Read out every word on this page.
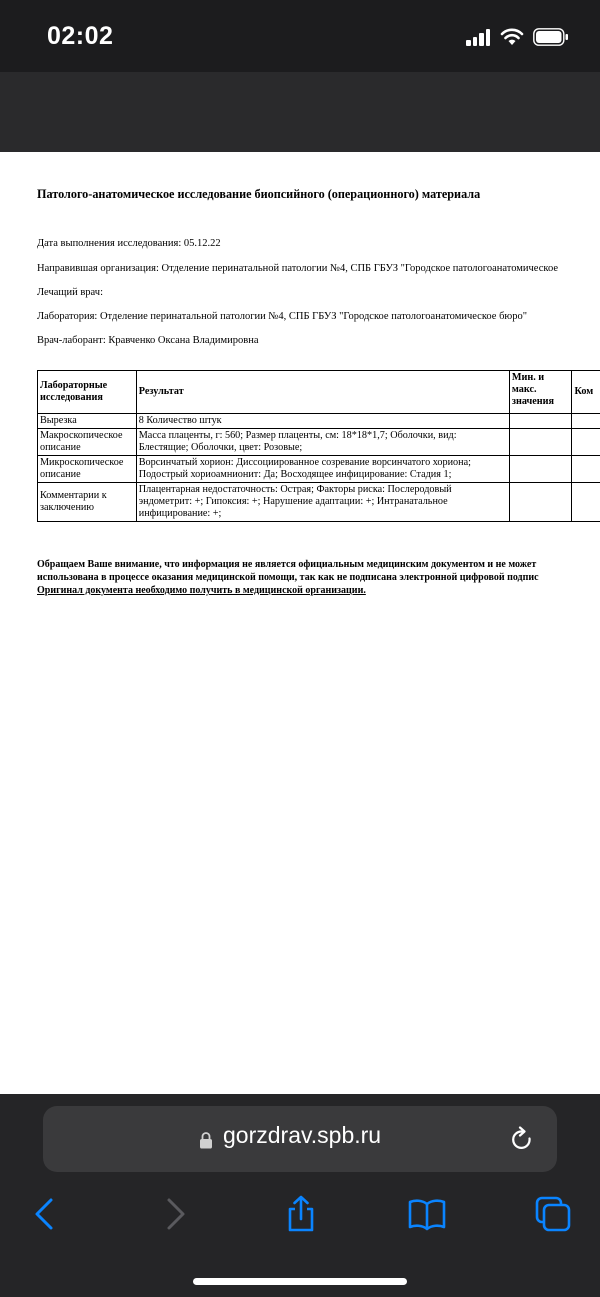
02:02
Патолого-анатомическое исследование биопсийного (операционного) материала
Дата выполнения исследования: 05.12.22
Направившая организация: Отделение перинатальной патологии №4, СПБ ГБУЗ "Городское патологоанатомическое
Лечащий врач:
Лаборатория: Отделение перинатальной патологии №4, СПБ ГБУЗ "Городское патологоанатомическое бюро"
Врач-лаборант: Кравченко Оксана Владимировна
Лабораторные исследования	Результат	Мин. и макс. значения	Ком
Вырезка	8 Количество штук		
Макроскопическое описание	Масса плаценты, г: 560; Размер плаценты, см: 18*18*1,7; Оболочки, вид: Блестящие; Оболочки, цвет: Розовые;		
Микроскопическое описание	Ворсинчатый хорион: Диссоциированное созревание ворсинчатого хориона; Подострый хориоамнионит: Да; Восходящее инфицирование: Стадия 1;		
Комментарии к заключению	Плацентарная недостаточность: Острая; Факторы риска: Послеродовый эндометрит: +; Гипоксия: +; Нарушение адаптации: +; Интранатальное инфицирование: +;		
Обращаем Ваше внимание, что информация не является официальным медицинским документом и не может
использована в процессе оказания медицинской помощи, так как не подписана электронной цифровой подпис
Оригинал документа необходимо получить в медицинской организации.
gorzdrav.spb.ru
